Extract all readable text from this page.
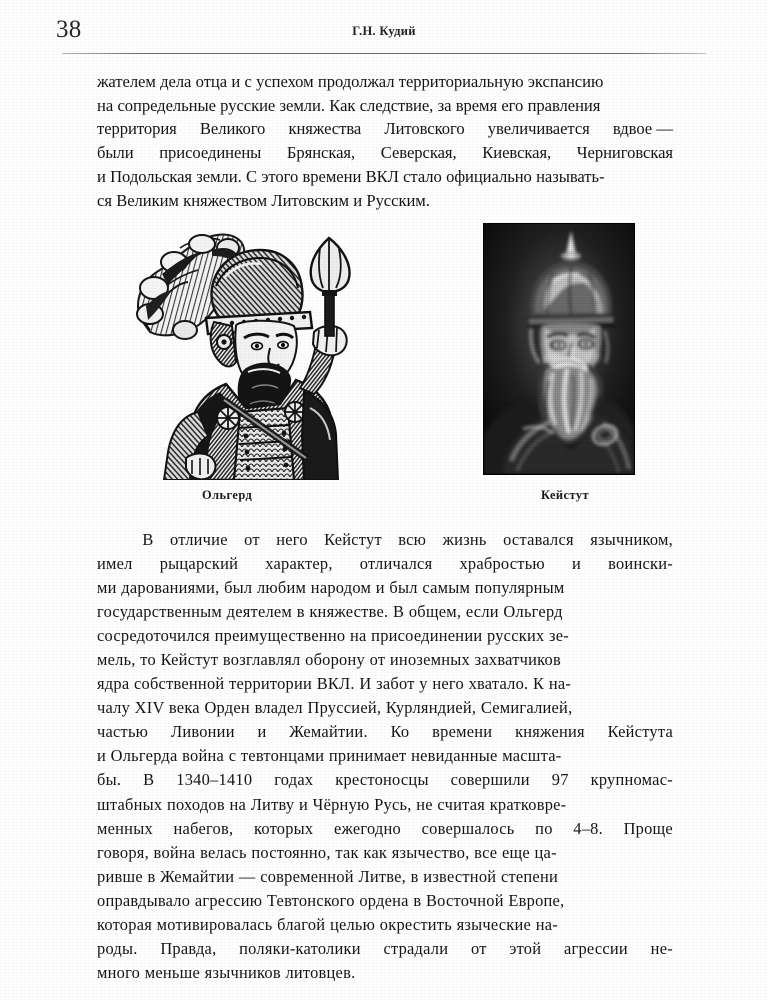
38	Г.Н. Кудий

жателем дела отца и с успехом продолжал территориальную экспансию
на сопредельные русские земли. Как следствие, за время его правления
территория Великого княжества Литовского увеличивается вдвое —
были присоединены Брянская, Северская, Киевская, Черниговская
и Подольская земли. С этого времени ВКЛ стало официально называть-
ся Великим княжеством Литовским и Русским.

Ольгерд	Кейстут

В отличие от него Кейстут всю жизнь оставался язычником,
имел рыцарский характер, отличался храбростью и воински-
ми дарованиями, был любим народом и был самым популярным
государственным деятелем в княжестве. В общем, если Ольгерд
сосредоточился преимущественно на присоединении русских зе-
мель, то Кейстут возглавлял оборону от иноземных захватчиков
ядра собственной территории ВКЛ. И забот у него хватало. К на-
чалу XIV века Орден владел Пруссией, Курляндией, Семигалией,
частью Ливонии и Жемайтии. Ко времени княжения Кейстута
и Ольгерда война с тевтонцами принимает невиданные масшта-
бы. В 1340–1410 годах крестоносцы совершили 97 крупномас-
штабных походов на Литву и Чёрную Русь, не считая кратковре-
менных набегов, которых ежегодно совершалось по 4–8. Проще
говоря, война велась постоянно, так как язычество, все еще ца-
ривше в Жемайтии — современной Литве, в известной степени
оправдывало агрессию Тевтонского ордена в Восточной Европе,
которая мотивировалась благой целью окрестить языческие на-
роды. Правда, поляки-католики страдали от этой агрессии не-
много меньше язычников литовцев.
